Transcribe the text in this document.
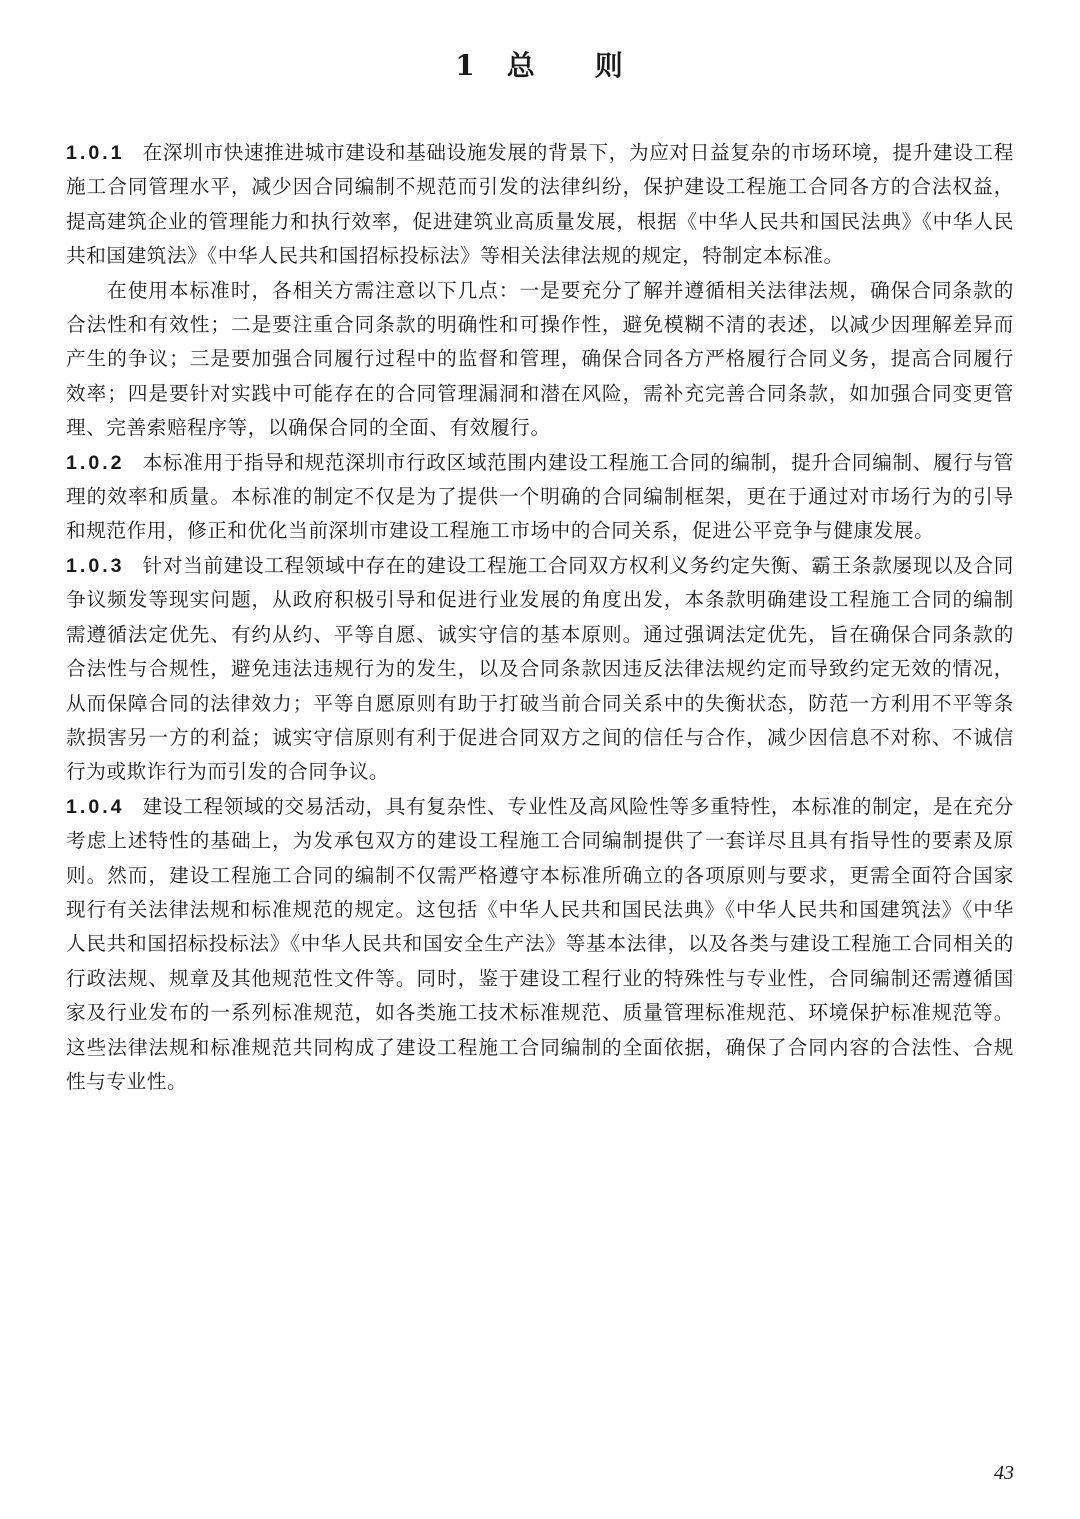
1 总 则

1.0.1 在深圳市快速推进城市建设和基础设施发展的背景下，为应对日益复杂的市场环境，提升建设工程施工合同管理水平，减少因合同编制不规范而引发的法律纠纷，保护建设工程施工合同各方的合法权益，提高建筑企业的管理能力和执行效率，促进建筑业高质量发展，根据《中华人民共和国民法典》《中华人民共和国建筑法》《中华人民共和国招标投标法》等相关法律法规的规定，特制定本标准。

在使用本标准时，各相关方需注意以下几点：一是要充分了解并遵循相关法律法规，确保合同条款的合法性和有效性；二是要注重合同条款的明确性和可操作性，避免模糊不清的表述，以减少因理解差异而产生的争议；三是要加强合同履行过程中的监督和管理，确保合同各方严格履行合同义务，提高合同履行效率；四是要针对实践中可能存在的合同管理漏洞和潜在风险，需补充完善合同条款，如加强合同变更管理、完善索赔程序等，以确保合同的全面、有效履行。

1.0.2 本标准用于指导和规范深圳市行政区域范围内建设工程施工合同的编制，提升合同编制、履行与管理的效率和质量。本标准的制定不仅是为了提供一个明确的合同编制框架，更在于通过对市场行为的引导和规范作用，修正和优化当前深圳市建设工程施工市场中的合同关系，促进公平竞争与健康发展。

1.0.3 针对当前建设工程领域中存在的建设工程施工合同双方权利义务约定失衡、霸王条款屡现以及合同争议频发等现实问题，从政府积极引导和促进行业发展的角度出发，本条款明确建设工程施工合同的编制需遵循法定优先、有约从约、平等自愿、诚实守信的基本原则。通过强调法定优先，旨在确保合同条款的合法性与合规性，避免违法违规行为的发生，以及合同条款因违反法律法规约定而导致约定无效的情况，从而保障合同的法律效力；平等自愿原则有助于打破当前合同关系中的失衡状态，防范一方利用不平等条款损害另一方的利益；诚实守信原则有利于促进合同双方之间的信任与合作，减少因信息不对称、不诚信行为或欺诈行为而引发的合同争议。

1.0.4 建设工程领域的交易活动，具有复杂性、专业性及高风险性等多重特性，本标准的制定，是在充分考虑上述特性的基础上，为发承包双方的建设工程施工合同编制提供了一套详尽且具有指导性的要素及原则。然而，建设工程施工合同的编制不仅需严格遵守本标准所确立的各项原则与要求，更需全面符合国家现行有关法律法规和标准规范的规定。这包括《中华人民共和国民法典》《中华人民共和国建筑法》《中华人民共和国招标投标法》《中华人民共和国安全生产法》等基本法律，以及各类与建设工程施工合同相关的行政法规、规章及其他规范性文件等。同时，鉴于建设工程行业的特殊性与专业性，合同编制还需遵循国家及行业发布的一系列标准规范，如各类施工技术标准规范、质量管理标准规范、环境保护标准规范等。这些法律法规和标准规范共同构成了建设工程施工合同编制的全面依据，确保了合同内容的合法性、合规性与专业性。

43
